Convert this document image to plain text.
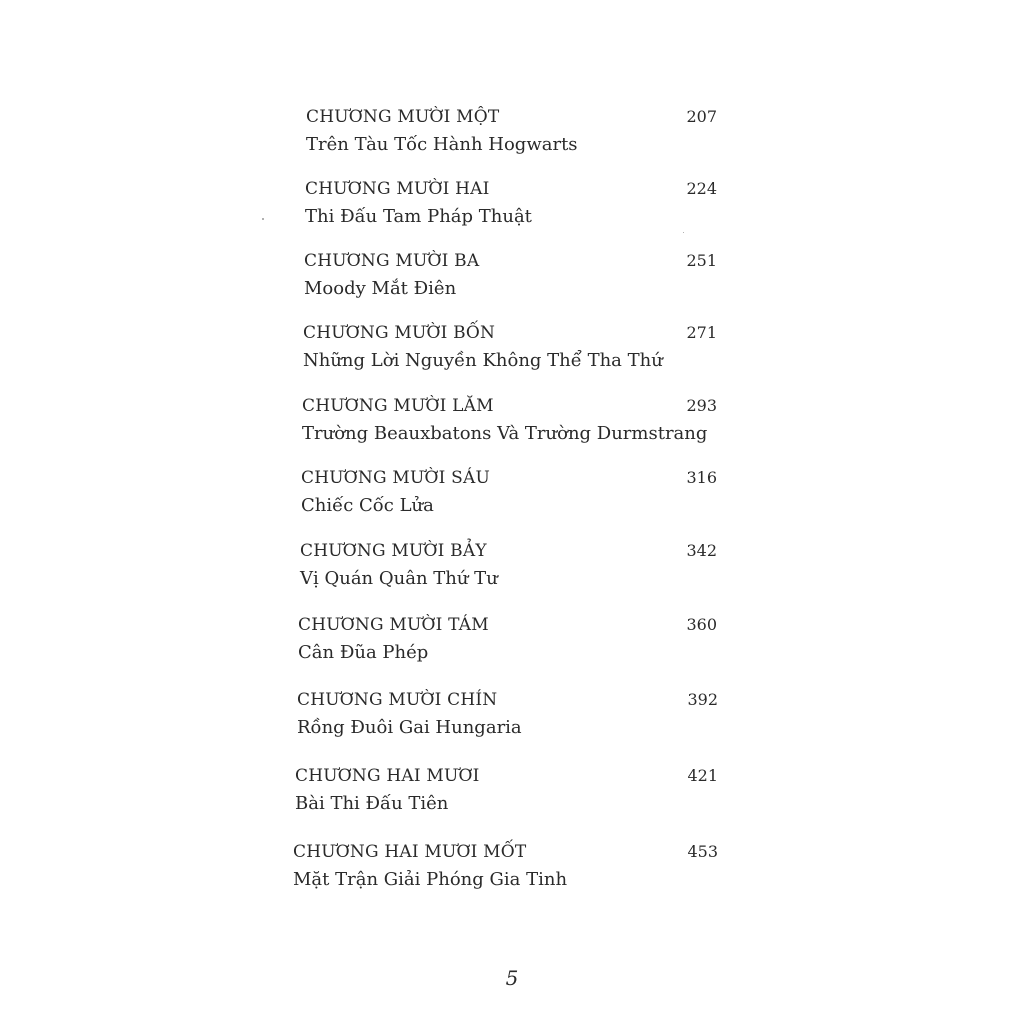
CHƯƠNG MƯỜI MỘT
Trên Tàu Tốc Hành Hogwarts
207
CHƯƠNG MƯỜI HAI
Thi Đấu Tam Pháp Thuật
224
CHƯƠNG MƯỜI BA
Moody Mắt Điên
251
CHƯƠNG MƯỜI BỐN
Những Lời Nguyền Không Thể Tha Thứ
271
CHƯƠNG MƯỜI LĂM
Trường Beauxbatons Và Trường Durmstrang
293
CHƯƠNG MƯỜI SÁU
Chiếc Cốc Lửa
316
CHƯƠNG MƯỜI BẢY
Vị Quán Quân Thứ Tư
342
CHƯƠNG MƯỜI TÁM
Cân Đũa Phép
360
CHƯƠNG MƯỜI CHÍN
Rồng Đuôi Gai Hungaria
392
CHƯƠNG HAI MƯƠI
Bài Thi Đấu Tiên
421
CHƯƠNG HAI MƯƠI MỐT
Mặt Trận Giải Phóng Gia Tinh
453
5
